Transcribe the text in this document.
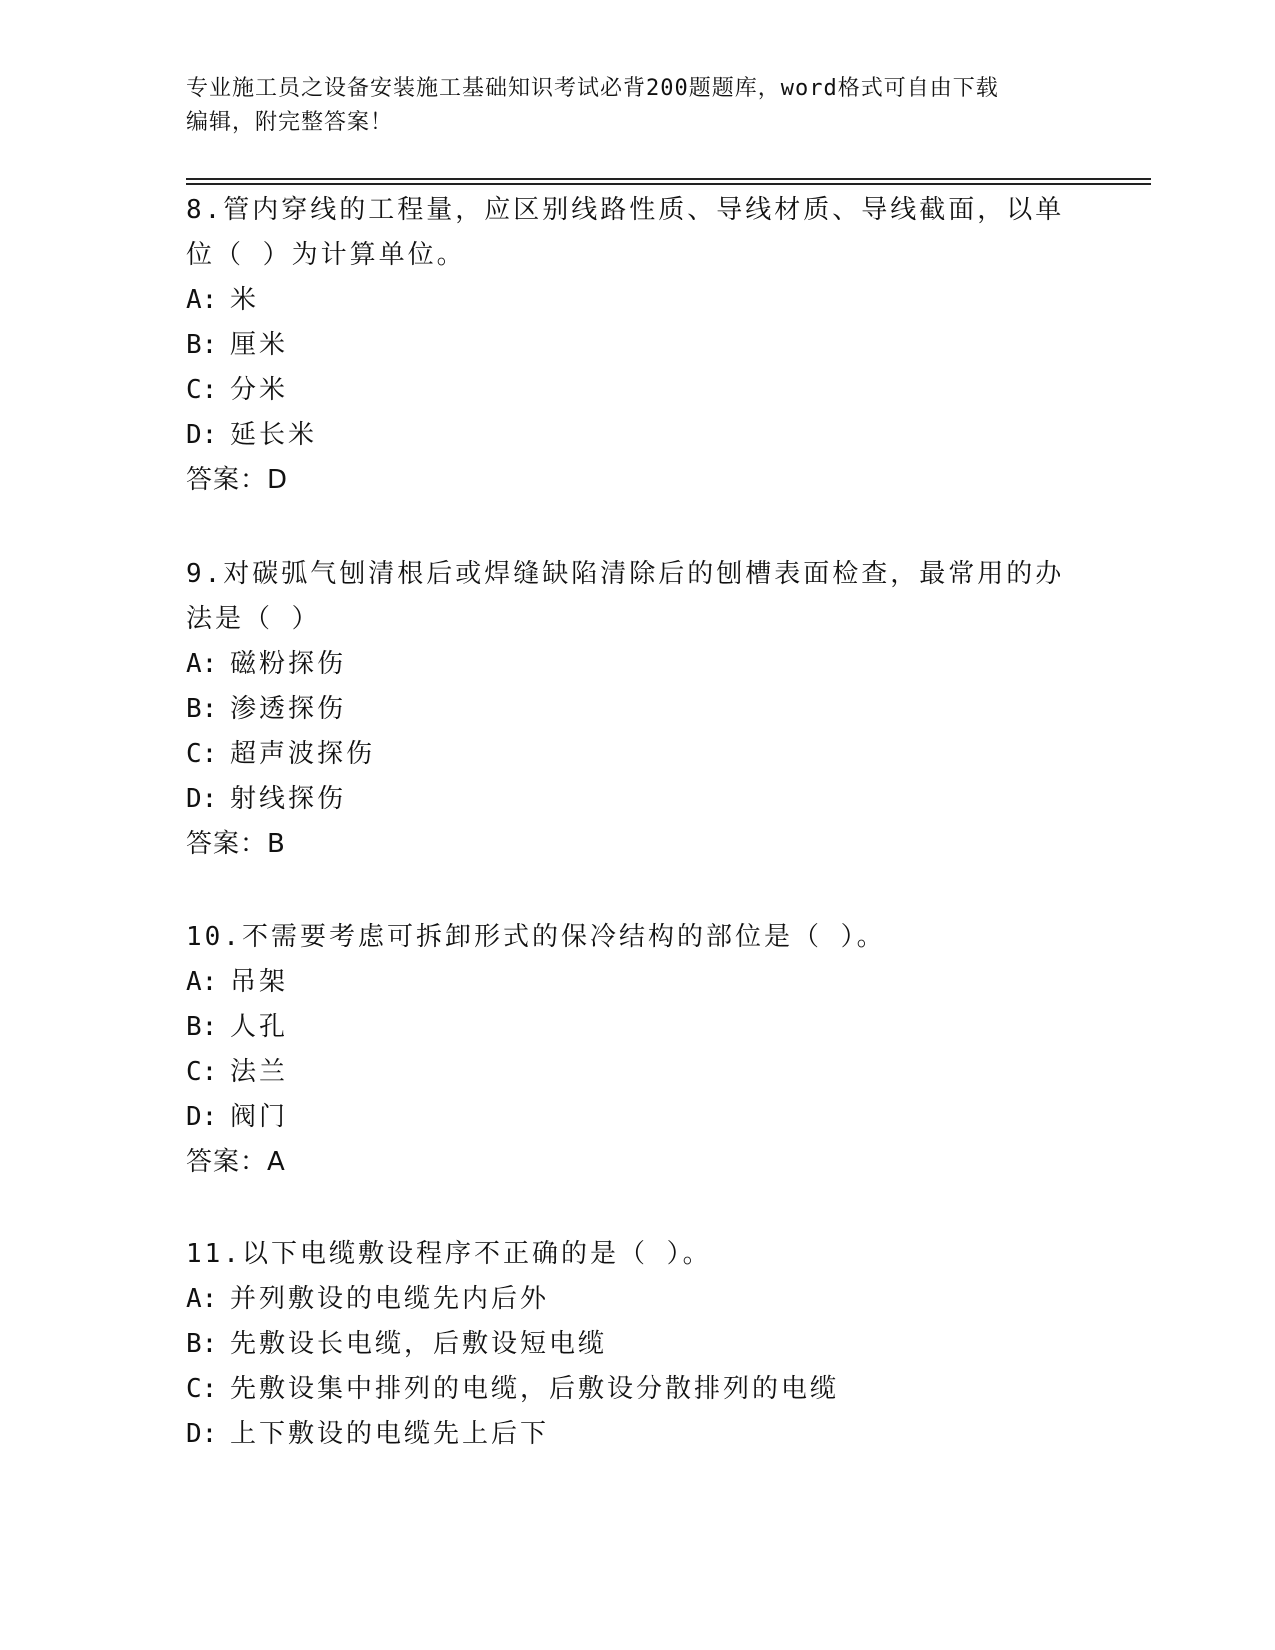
专业施工员之设备安装施工基础知识考试必背200题题库，word格式可自由下载
编辑，附完整答案！

8.管内穿线的工程量，应区别线路性质、导线材质、导线截面，以单

位（ ）为计算单位。

A: 米

B: 厘米

C: 分米

D: 延长米

答案：D

9.对碳弧气刨清根后或焊缝缺陷清除后的刨槽表面检查，最常用的办

法是（ ）

A: 磁粉探伤

B: 渗透探伤

C: 超声波探伤

D: 射线探伤

答案：B

10.不需要考虑可拆卸形式的保冷结构的部位是（ ）。

A: 吊架

B: 人孔

C: 法兰

D: 阀门

答案：A

11.以下电缆敷设程序不正确的是（ ）。

A: 并列敷设的电缆先内后外

B: 先敷设长电缆，后敷设短电缆

C: 先敷设集中排列的电缆，后敷设分散排列的电缆

D: 上下敷设的电缆先上后下
